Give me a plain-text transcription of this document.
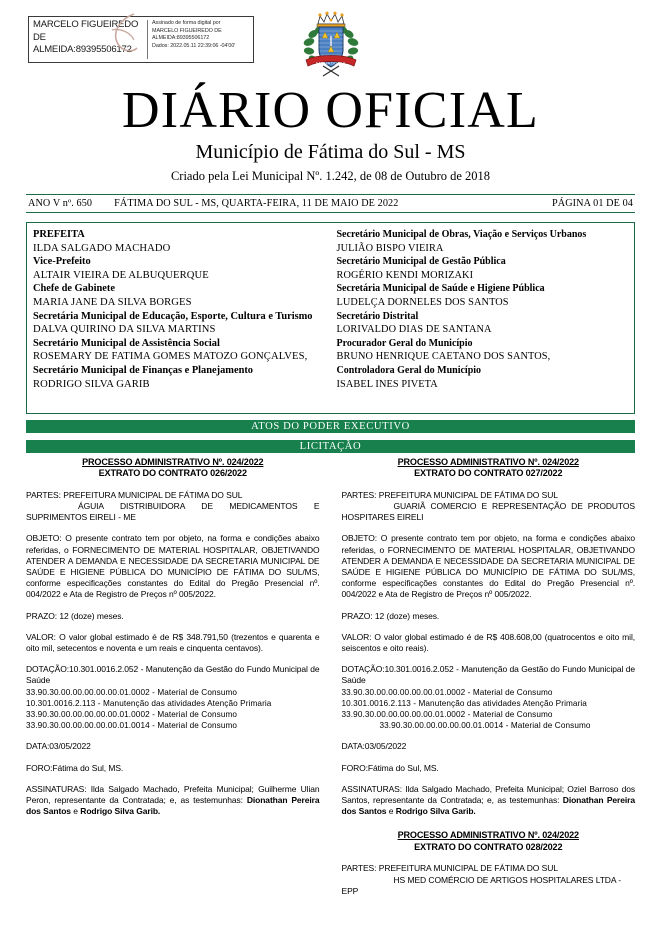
MARCELO FIGUEIREDO
DE
ALMEIDA:89395506172
Assinado de forma digital por
MARCELO FIGUEIREDO DE
ALMEIDA:89395506172
Dados: 2022.05.11 22:39:06 -04'00'
FATIMA DO SUL
DIÁRIO OFICIAL
Município de Fátima do Sul - MS
Criado pela Lei Municipal Nº. 1.242, de 08 de Outubro de 2018
ANO V nº. 650 FÁTIMA DO SUL - MS, QUARTA-FEIRA, 11 DE MAIO DE 2022	PÁGINA 01 DE 04
PREFEITA
ILDA SALGADO MACHADO
Vice-Prefeito
ALTAIR VIEIRA DE ALBUQUERQUE
Chefe de Gabinete
MARIA JANE DA SILVA BORGES
Secretária Municipal de Educação, Esporte, Cultura e Turismo
DALVA QUIRINO DA SILVA MARTINS
Secretário Municipal de Assistência Social
ROSEMARY DE FATIMA GOMES MATOZO GONÇALVES,
Secretário Municipal de Finanças e Planejamento
RODRIGO SILVA GARIB
Secretário Municipal de Obras, Viação e Serviços Urbanos
JULIÃO BISPO VIEIRA
Secretário Municipal de Gestão Pública
ROGÉRIO KENDI MORIZAKI
Secretária Municipal de Saúde e Higiene Pública
LUDELÇA DORNELES DOS SANTOS
Secretário Distrital
LORIVALDO DIAS DE SANTANA
Procurador Geral do Município
BRUNO HENRIQUE CAETANO DOS SANTOS,
Controladora Geral do Município
ISABEL INES PIVETA
ATOS DO PODER EXECUTIVO
LICITAÇÃO
PROCESSO ADMINISTRATIVO Nº. 024/2022
EXTRATO DO CONTRATO 026/2022
PARTES: PREFEITURA MUNICIPAL DE FÁTIMA DO SUL
ÁGUIA DISTRIBUIDORA DE MEDICAMENTOS E SUPRIMENTOS EIRELI - ME
OBJETO: O presente contrato tem por objeto, na forma e condições abaixo referidas, o FORNECIMENTO DE MATERIAL HOSPITALAR, OBJETIVANDO ATENDER A DEMANDA E NECESSIDADE DA SECRETARIA MUNICIPAL DE SAÚDE E HIGIENE PÚBLICA DO MUNICÍPIO DE FÁTIMA DO SUL/MS, conforme especificações constantes do Edital do Pregão Presencial nº. 004/2022 e Ata de Registro de Preços nº 005/2022.
PRAZO: 12 (doze) meses.
VALOR: O valor global estimado é de R$ 348.791,50 (trezentos e quarenta e oito mil, setecentos e noventa e um reais e cinquenta centavos).
DOTAÇÃO:10.301.0016.2.052 - Manutenção da Gestão do Fundo Municipal de Saúde
33.90.30.00.00.00.00.00.01.0002 - Material de Consumo
10.301.0016.2.113 - Manutenção das atividades Atenção Primaria
33.90.30.00.00.00.00.00.01.0002 - Material de Consumo
33.90.30.00.00.00.00.00.01.0014 - Material de Consumo
DATA:03/05/2022
FORO:Fátima do Sul, MS.
ASSINATURAS: Ilda Salgado Machado, Prefeita Municipal; Guilherme Ulian Peron, representante da Contratada; e, as testemunhas: Dionathan Pereira dos Santos e Rodrigo Silva Garib.
PROCESSO ADMINISTRATIVO Nº. 024/2022
EXTRATO DO CONTRATO 027/2022
PARTES: PREFEITURA MUNICIPAL DE FÁTIMA DO SUL
GUARIÃ COMERCIO E REPRESENTAÇÃO DE PRODUTOS HOSPITARES EIRELI
OBJETO: O presente contrato tem por objeto, na forma e condições abaixo referidas, o FORNECIMENTO DE MATERIAL HOSPITALAR, OBJETIVANDO ATENDER A DEMANDA E NECESSIDADE DA SECRETARIA MUNICIPAL DE SAÚDE E HIGIENE PÚBLICA DO MUNICÍPIO DE FÁTIMA DO SUL/MS, conforme especificações constantes do Edital do Pregão Presencial nº. 004/2022 e Ata de Registro de Preços nº 005/2022.
PRAZO: 12 (doze) meses.
VALOR: O valor global estimado é de R$ 408.608,00 (quatrocentos e oito mil, seiscentos e oito reais).
DOTAÇÃO:10.301.0016.2.052 - Manutenção da Gestão do Fundo Municipal de Saúde
33.90.30.00.00.00.00.00.01.0002 - Material de Consumo
10.301.0016.2.113 - Manutenção das atividades Atenção Primaria
33.90.30.00.00.00.00.00.01.0002 - Material de Consumo
33.90.30.00.00.00.00.00.01.0014 - Material de Consumo
DATA:03/05/2022
FORO:Fátima do Sul, MS.
ASSINATURAS: Ilda Salgado Machado, Prefeita Municipal; Oziel Barroso dos Santos, representante da Contratada; e, as testemunhas: Dionathan Pereira dos Santos e Rodrigo Silva Garib.
PROCESSO ADMINISTRATIVO Nº. 024/2022
EXTRATO DO CONTRATO 028/2022
PARTES: PREFEITURA MUNICIPAL DE FÁTIMA DO SUL
HS MED COMÉRCIO DE ARTIGOS HOSPITALARES LTDA - EPP
